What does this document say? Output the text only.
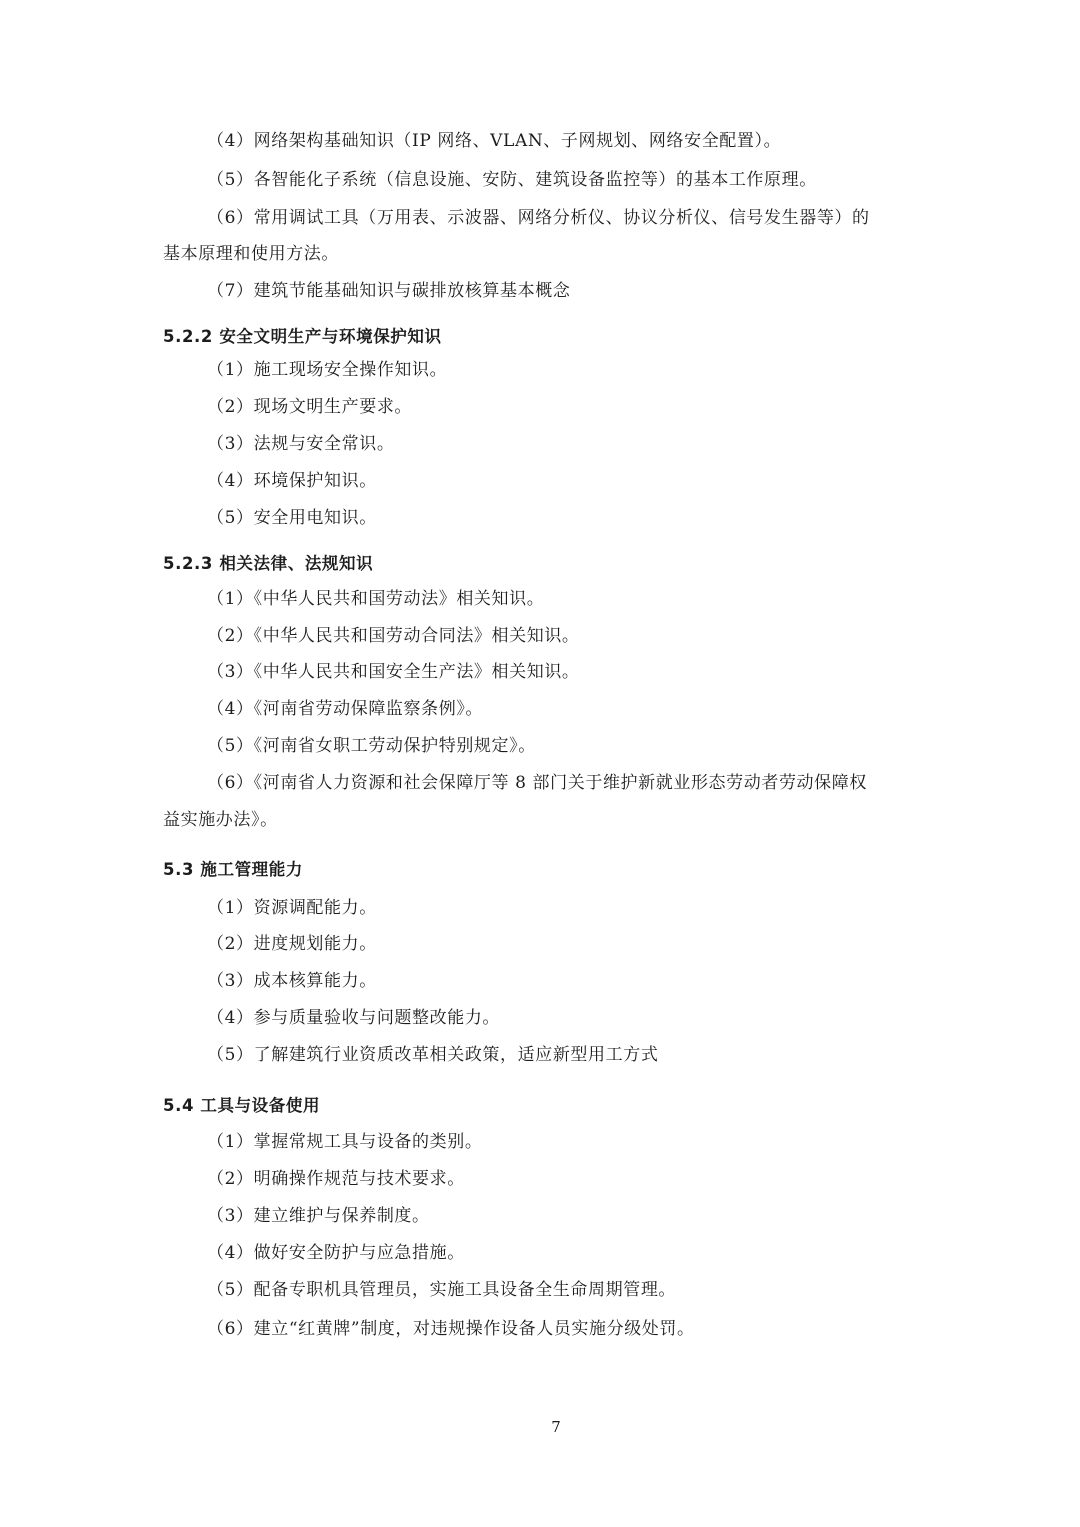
（4）网络架构基础知识（IP 网络、VLAN、子网规划、网络安全配置）。
（5）各智能化子系统（信息设施、安防、建筑设备监控等）的基本工作原理。
（6）常用调试工具（万用表、示波器、网络分析仪、协议分析仪、信号发生器等）的
基本原理和使用方法。
（7）建筑节能基础知识与碳排放核算基本概念
5.2.2 安全文明生产与环境保护知识
（1）施工现场安全操作知识。
（2）现场文明生产要求。
（3）法规与安全常识。
（4）环境保护知识。
（5）安全用电知识。
5.2.3 相关法律、法规知识
（1）《中华人民共和国劳动法》相关知识。
（2）《中华人民共和国劳动合同法》相关知识。
（3）《中华人民共和国安全生产法》相关知识。
（4）《河南省劳动保障监察条例》。
（5）《河南省女职工劳动保护特别规定》。
（6）《河南省人力资源和社会保障厅等 8 部门关于维护新就业形态劳动者劳动保障权
益实施办法》。
5.3 施工管理能力
（1）资源调配能力。
（2）进度规划能力。
（3）成本核算能力。
（4）参与质量验收与问题整改能力。
（5）了解建筑行业资质改革相关政策，适应新型用工方式
5.4 工具与设备使用
（1）掌握常规工具与设备的类别。
（2）明确操作规范与技术要求。
（3）建立维护与保养制度。
（4）做好安全防护与应急措施。
（5）配备专职机具管理员，实施工具设备全生命周期管理。
（6）建立“红黄牌”制度，对违规操作设备人员实施分级处罚。
7
